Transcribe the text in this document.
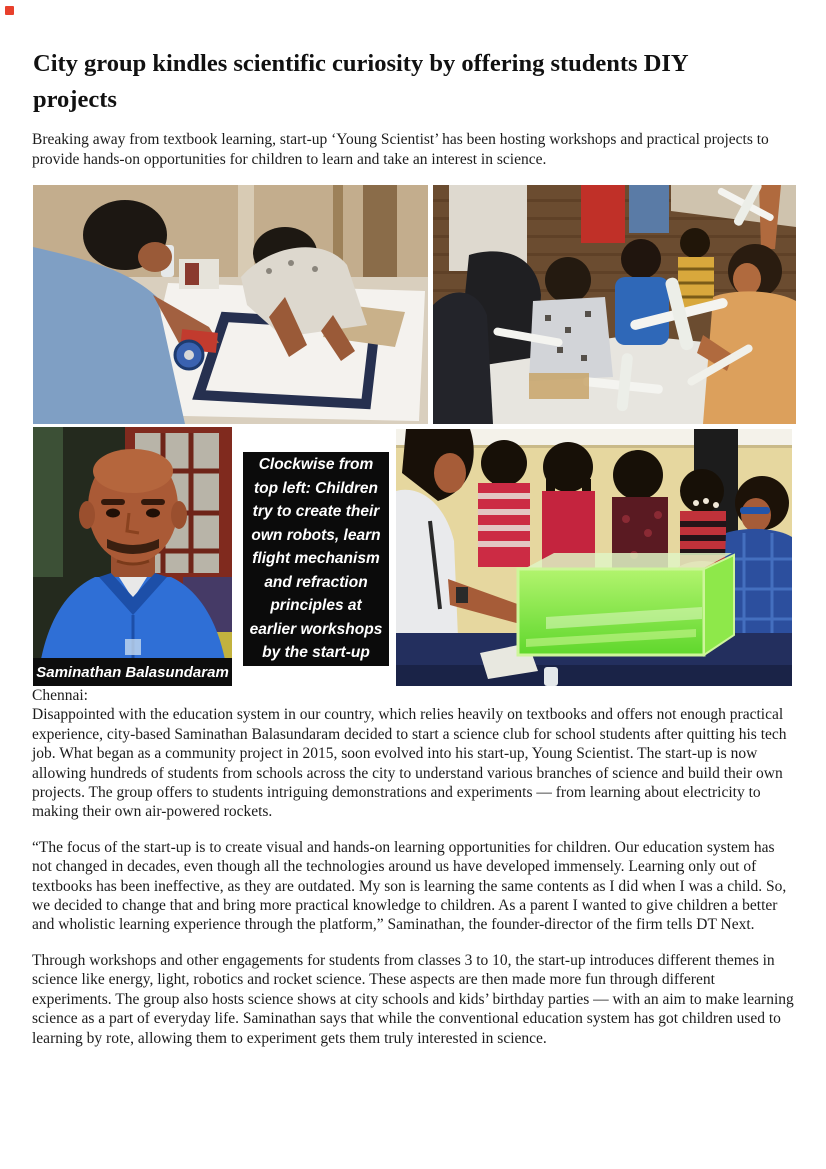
City group kindles scientific curiosity by offering students DIY projects

Breaking away from textbook learning, start-up ‘Young Scientist’ has been hosting workshops and practical projects to provide hands-on opportunities for children to learn and take an interest in science.

Saminathan Balasundaram
Clockwise from top left: Children try to create their own robots, learn flight mechanism and refraction principles at earlier workshops by the start-up
Chennai:

Disappointed with the education system in our country, which relies heavily on textbooks and offers not enough practical experience, city-based Saminathan Balasundaram decided to start a science club for school students after quitting his tech job. What began as a community project in 2015, soon evolved into his start-up, Young Scientist. The start-up is now allowing hundreds of students from schools across the city to understand various branches of science and build their own projects. The group offers to students intriguing demonstrations and experiments — from learning about electricity to making their own air-powered rockets.

“The focus of the start-up is to create visual and hands-on learning opportunities for children. Our education system has not changed in decades, even though all the technologies around us have developed immensely. Learning only out of textbooks has been ineffective, as they are outdated. My son is learning the same contents as I did when I was a child. So, we decided to change that and bring more practical knowledge to children. As a parent I wanted to give children a better and wholistic learning experience through the platform,” Saminathan, the founder-director of the firm tells DT Next.

Through workshops and other engagements for students from classes 3 to 10, the start-up introduces different themes in science like energy, light, robotics and rocket science. These aspects are then made more fun through different experiments. The group also hosts science shows at city schools and kids’ birthday parties — with an aim to make learning science as a part of everyday life. Saminathan says that while the conventional education system has got children used to learning by rote, allowing them to experiment gets them truly interested in science.
